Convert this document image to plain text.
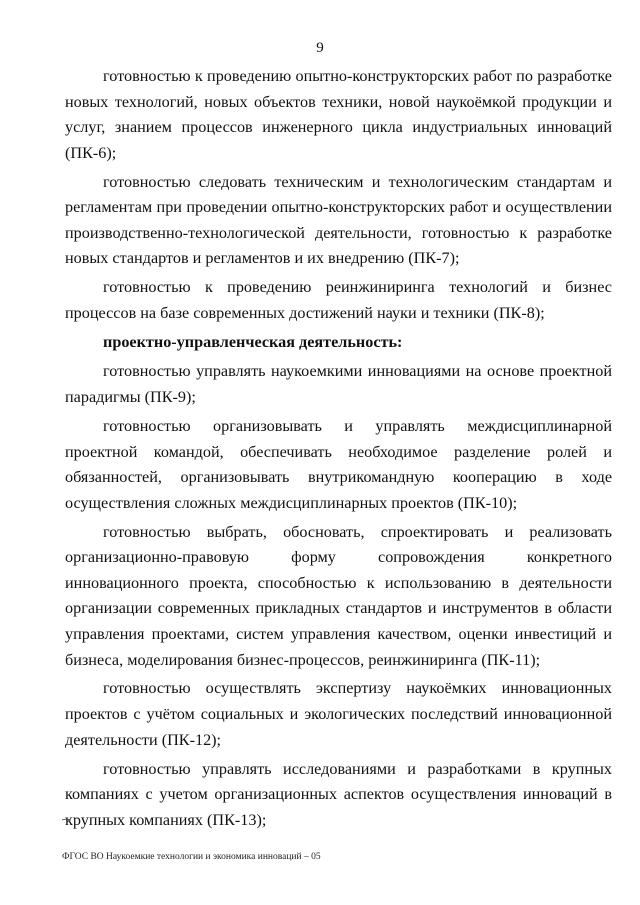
9

готовностью к проведению опытно-конструкторских работ по разработке новых технологий, новых объектов техники, новой наукоёмкой продукции и услуг, знанием процессов инженерного цикла индустриальных инноваций (ПК-6);

готовностью следовать техническим и технологическим стандартам и регламентам при проведении опытно-конструкторских работ и осуществлении производственно-технологической деятельности, готовностью к разработке новых стандартов и регламентов и их внедрению (ПК-7);

готовностью к проведению реинжиниринга технологий и бизнес процессов на базе современных достижений науки и техники (ПК-8);

проектно-управленческая деятельность:

готовностью управлять наукоемкими инновациями на основе проектной парадигмы (ПК-9);

готовностью организовывать и управлять междисциплинарной проектной командой, обеспечивать необходимое разделение ролей и обязанностей, организовывать внутрикомандную кооперацию в ходе осуществления сложных междисциплинарных проектов (ПК-10);

готовностью выбрать, обосновать, спроектировать и реализовать организационно-правовую форму сопровождения конкретного инновационного проекта, способностью к использованию в деятельности организации современных прикладных стандартов и инструментов в области управления проектами, систем управления качеством, оценки инвестиций и бизнеса, моделирования бизнес-процессов, реинжиниринга (ПК-11);

готовностью осуществлять экспертизу наукоёмких инновационных проектов с учётом социальных и экологических последствий инновационной деятельности (ПК-12);

готовностью управлять исследованиями и разработками в крупных компаниях с учетом организационных аспектов осуществления инноваций в крупных компаниях (ПК-13);

ФГОС ВО Наукоемкие технологии и экономика инноваций – 05
